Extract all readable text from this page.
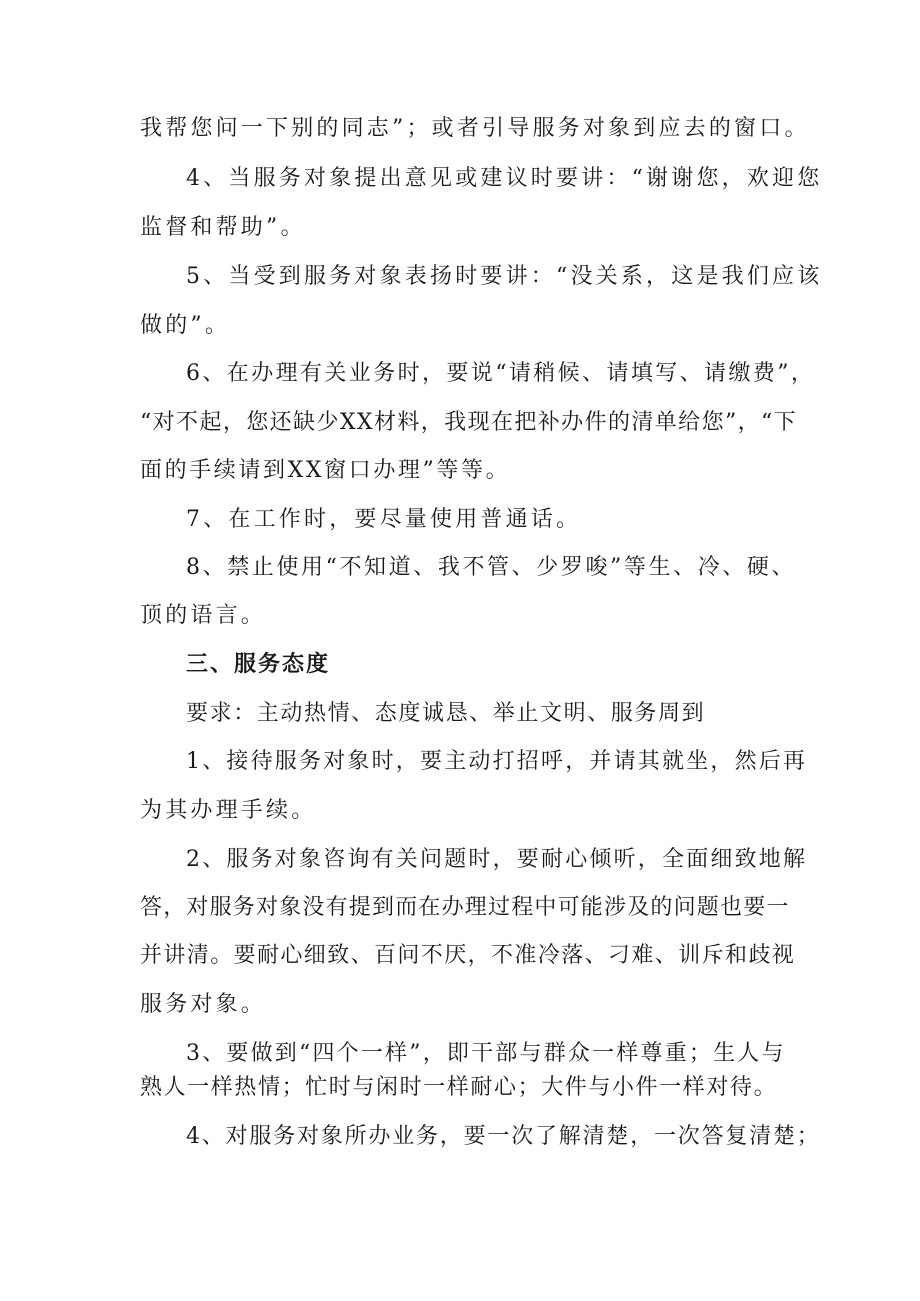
我帮您问一下别的同志”；或者引导服务对象到应去的窗口。
4、当服务对象提出意见或建议时要讲：“谢谢您，欢迎您
监督和帮助”。
5、当受到服务对象表扬时要讲：“没关系，这是我们应该
做的”。
6、在办理有关业务时，要说“请稍候、请填写、请缴费”，
“对不起，您还缺少XX材料，我现在把补办件的清单给您”，“下
面的手续请到XX窗口办理”等等。
7、在工作时，要尽量使用普通话。
8、禁止使用“不知道、我不管、少罗唆”等生、冷、硬、
顶的语言。
三、服务态度
要求：主动热情、态度诚恳、举止文明、服务周到
1、接待服务对象时，要主动打招呼，并请其就坐，然后再
为其办理手续。
2、服务对象咨询有关问题时，要耐心倾听，全面细致地解
答，对服务对象没有提到而在办理过程中可能涉及的问题也要一
并讲清。要耐心细致、百问不厌，不准冷落、刁难、训斥和歧视
服务对象。
3、要做到“四个一样”，即干部与群众一样尊重；生人与
熟人一样热情；忙时与闲时一样耐心；大件与小件一样对待。
4、对服务对象所办业务，要一次了解清楚，一次答复清楚；
